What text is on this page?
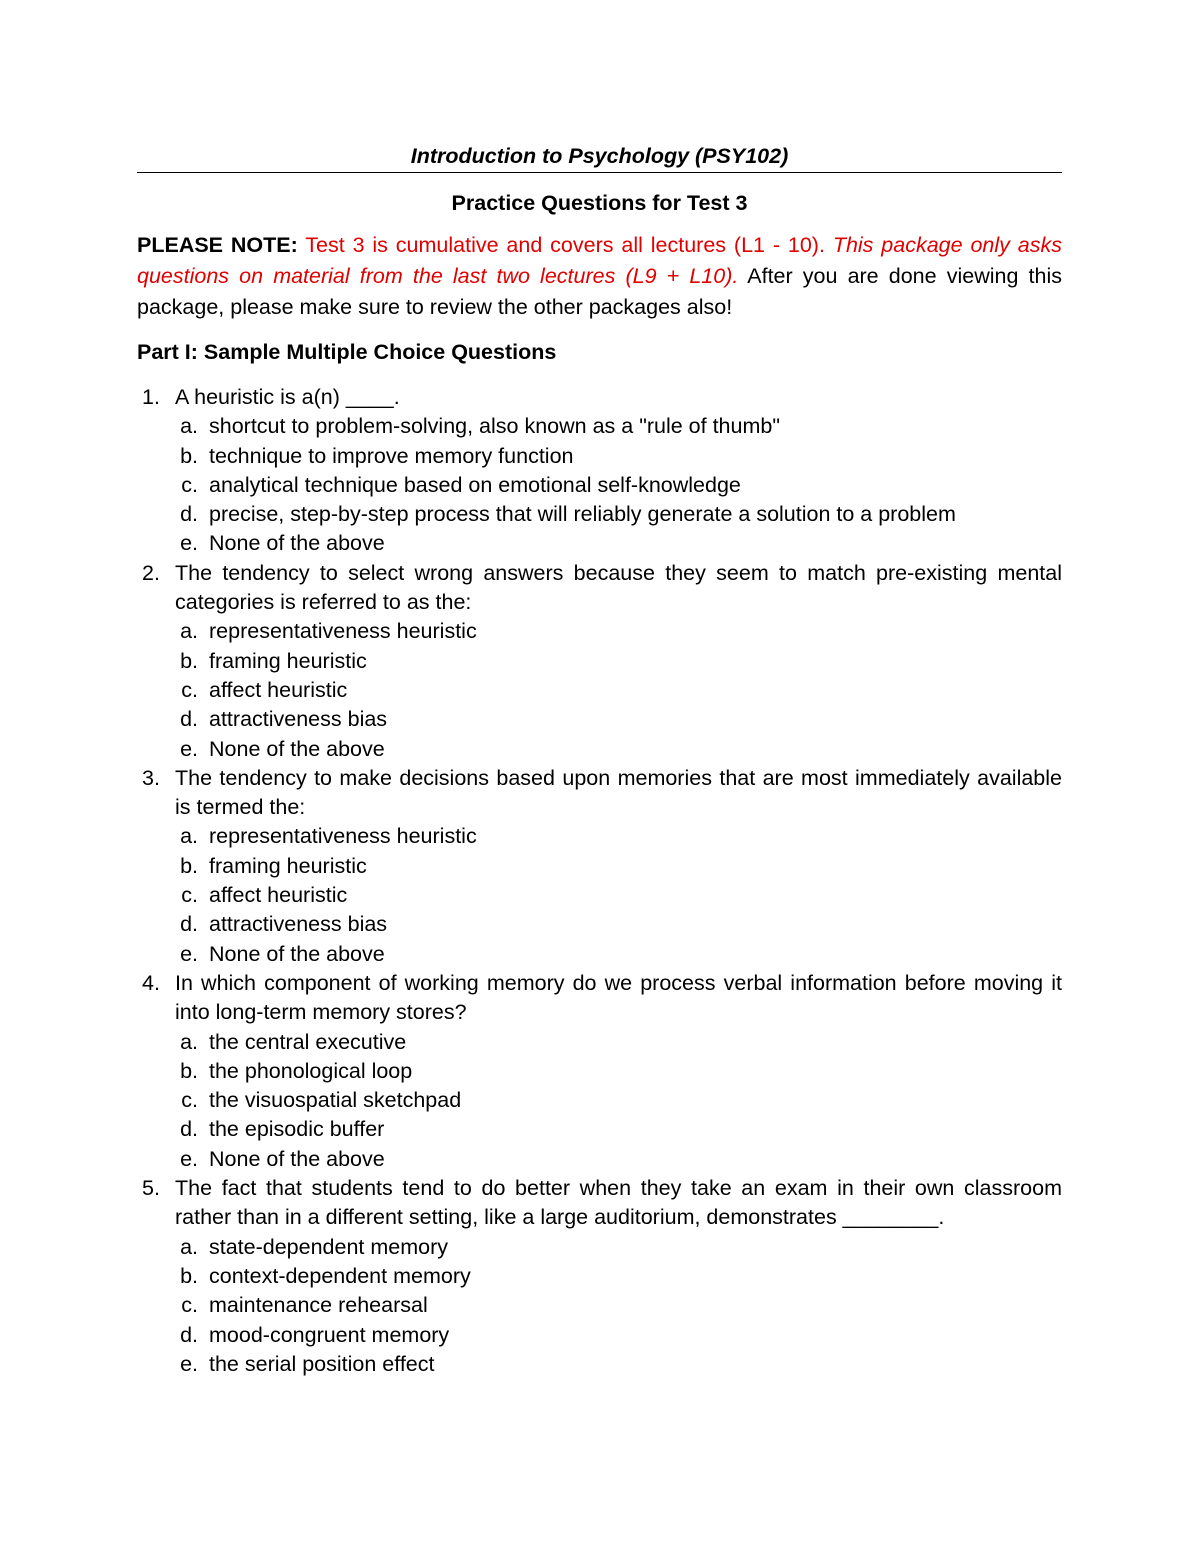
Introduction to Psychology (PSY102)
Practice Questions for Test 3
PLEASE NOTE: Test 3 is cumulative and covers all lectures (L1 - 10). This package only asks questions on material from the last two lectures (L9 + L10). After you are done viewing this package, please make sure to review the other packages also!
Part I: Sample Multiple Choice Questions
1. A heuristic is a(n) ____.
a. shortcut to problem-solving, also known as a "rule of thumb"
b. technique to improve memory function
c. analytical technique based on emotional self-knowledge
d. precise, step-by-step process that will reliably generate a solution to a problem
e. None of the above
2. The tendency to select wrong answers because they seem to match pre-existing mental categories is referred to as the:
a. representativeness heuristic
b. framing heuristic
c. affect heuristic
d. attractiveness bias
e. None of the above
3. The tendency to make decisions based upon memories that are most immediately available is termed the:
a. representativeness heuristic
b. framing heuristic
c. affect heuristic
d. attractiveness bias
e. None of the above
4. In which component of working memory do we process verbal information before moving it into long-term memory stores?
a. the central executive
b. the phonological loop
c. the visuospatial sketchpad
d. the episodic buffer
e. None of the above
5. The fact that students tend to do better when they take an exam in their own classroom rather than in a different setting, like a large auditorium, demonstrates ________.
a. state-dependent memory
b. context-dependent memory
c. maintenance rehearsal
d. mood-congruent memory
e. the serial position effect
